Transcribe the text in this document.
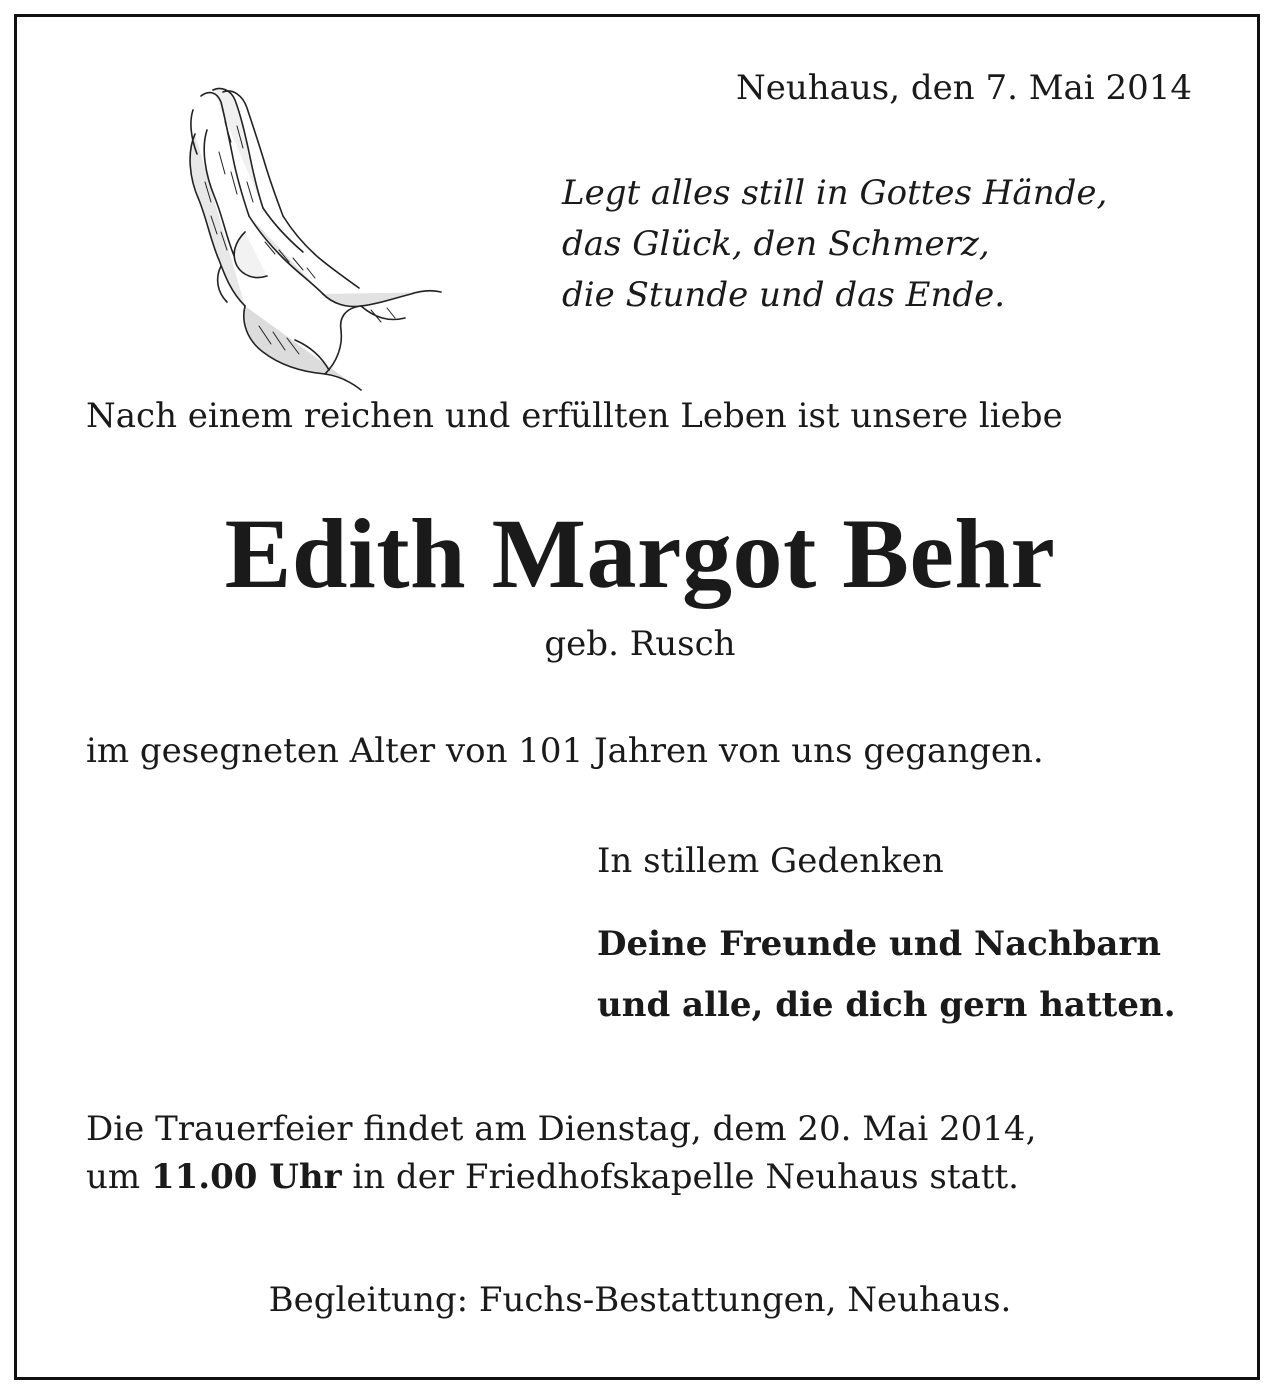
Neuhaus, den 7. Mai 2014

Legt alles still in Gottes Hände,
das Glück, den Schmerz,
die Stunde und das Ende.

Nach einem reichen und erfüllten Leben ist unsere liebe

Edith Margot Behr

geb. Rusch

im gesegneten Alter von 101 Jahren von uns gegangen.

In stillem Gedenken

Deine Freunde und Nachbarn
und alle, die dich gern hatten.
Die Trauerfeier findet am Dienstag, dem 20. Mai 2014,
um 11.00 Uhr in der Friedhofskapelle Neuhaus statt.

Begleitung: Fuchs-Bestattungen, Neuhaus.
